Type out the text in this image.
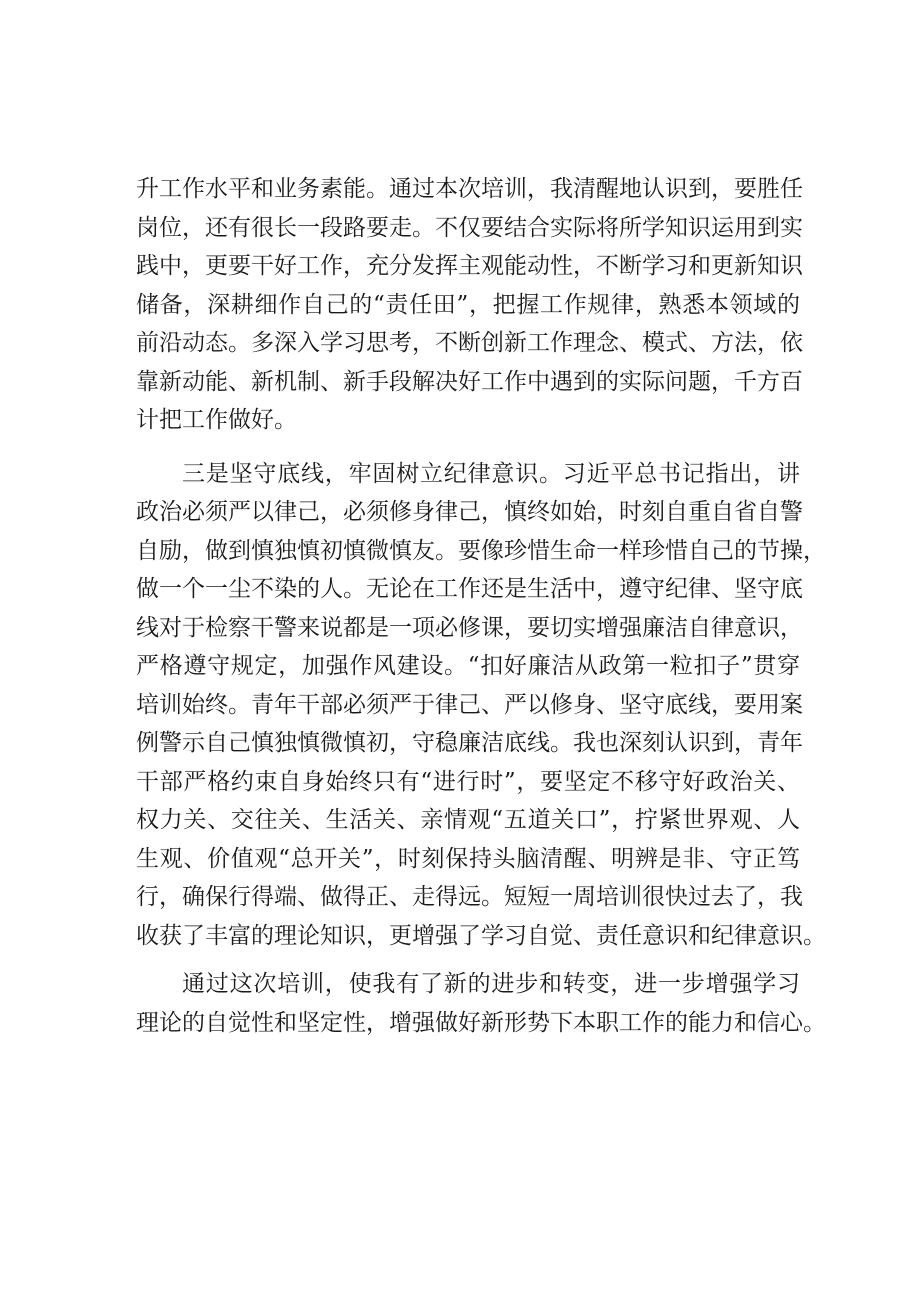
升工作水平和业务素能。通过本次培训，我清醒地认识到，要胜任
岗位，还有很长一段路要走。不仅要结合实际将所学知识运用到实
践中，更要干好工作，充分发挥主观能动性，不断学习和更新知识
储备，深耕细作自己的“责任田”，把握工作规律，熟悉本领域的
前沿动态。多深入学习思考，不断创新工作理念、模式、方法，依
靠新动能、新机制、新手段解决好工作中遇到的实际问题，千方百
计把工作做好。
三是坚守底线，牢固树立纪律意识。习近平总书记指出，讲
政治必须严以律己，必须修身律己，慎终如始，时刻自重自省自警
自励，做到慎独慎初慎微慎友。要像珍惜生命一样珍惜自己的节操，
做一个一尘不染的人。无论在工作还是生活中，遵守纪律、坚守底
线对于检察干警来说都是一项必修课，要切实增强廉洁自律意识，
严格遵守规定，加强作风建设。“扣好廉洁从政第一粒扣子”贯穿
培训始终。青年干部必须严于律己、严以修身、坚守底线，要用案
例警示自己慎独慎微慎初，守稳廉洁底线。我也深刻认识到，青年
干部严格约束自身始终只有“进行时”，要坚定不移守好政治关、
权力关、交往关、生活关、亲情观“五道关口”，拧紧世界观、人
生观、价值观“总开关”，时刻保持头脑清醒、明辨是非、守正笃
行，确保行得端、做得正、走得远。短短一周培训很快过去了，我
收获了丰富的理论知识，更增强了学习自觉、责任意识和纪律意识。
通过这次培训，使我有了新的进步和转变，进一步增强学习
理论的自觉性和坚定性，增强做好新形势下本职工作的能力和信心。
